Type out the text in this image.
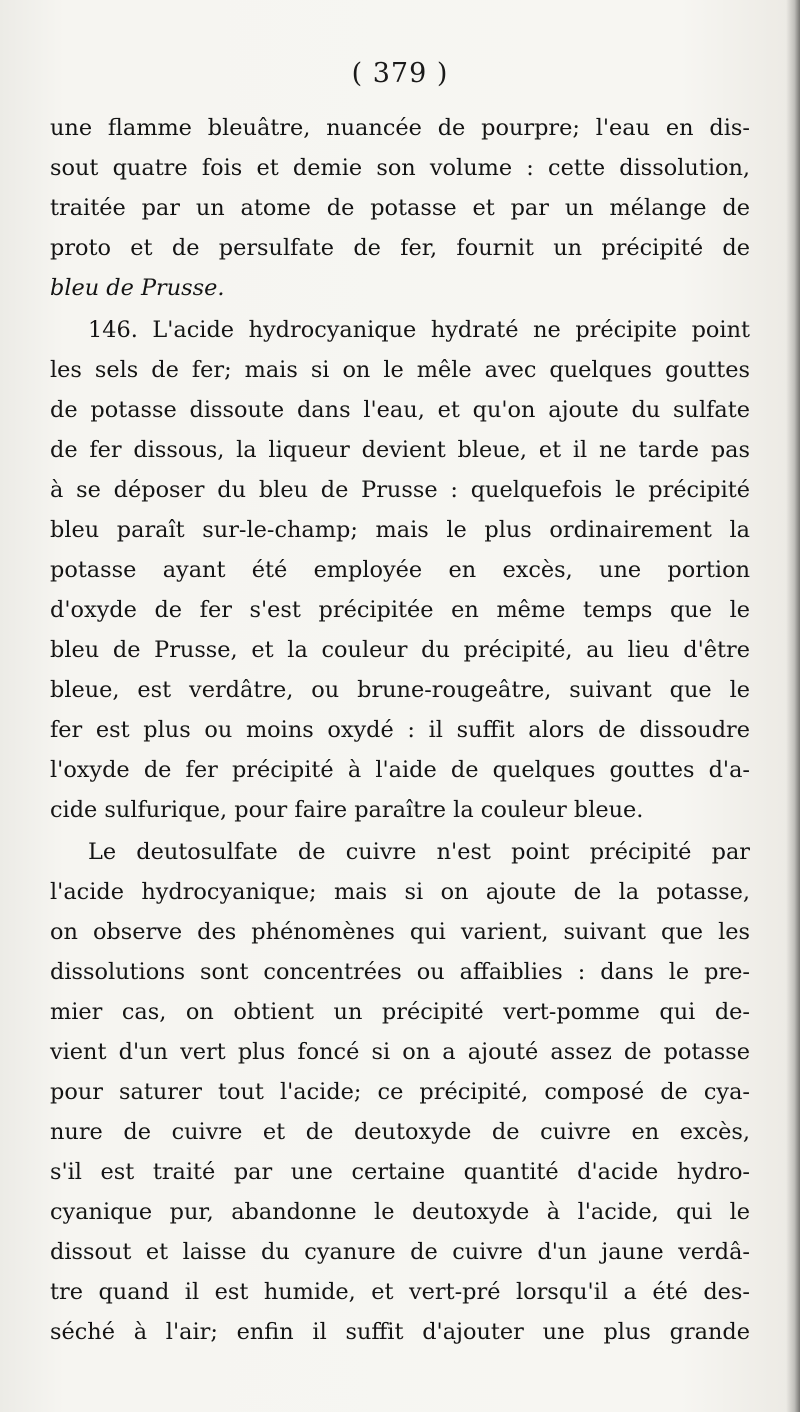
( 379 )
une flamme bleuâtre, nuancée de pourpre; l'eau en dis-
sout quatre fois et demie son volume : cette dissolution,
traitée par un atome de potasse et par un mélange de
proto et de persulfate de fer, fournit un précipité de
bleu de Prusse.
146. L'acide hydrocyanique hydraté ne précipite point
les sels de fer; mais si on le mêle avec quelques gouttes
de potasse dissoute dans l'eau, et qu'on ajoute du sulfate
de fer dissous, la liqueur devient bleue, et il ne tarde pas
à se déposer du bleu de Prusse : quelquefois le précipité
bleu paraît sur-le-champ; mais le plus ordinairement la
potasse ayant été employée en excès, une portion
d'oxyde de fer s'est précipitée en même temps que le
bleu de Prusse, et la couleur du précipité, au lieu d'être
bleue, est verdâtre, ou brune-rougeâtre, suivant que le
fer est plus ou moins oxydé : il suffit alors de dissoudre
l'oxyde de fer précipité à l'aide de quelques gouttes d'a-
cide sulfurique, pour faire paraître la couleur bleue.
Le deutosulfate de cuivre n'est point précipité par
l'acide hydrocyanique; mais si on ajoute de la potasse,
on observe des phénomènes qui varient, suivant que les
dissolutions sont concentrées ou affaiblies : dans le pre-
mier cas, on obtient un précipité vert-pomme qui de-
vient d'un vert plus foncé si on a ajouté assez de potasse
pour saturer tout l'acide; ce précipité, composé de cya-
nure de cuivre et de deutoxyde de cuivre en excès,
s'il est traité par une certaine quantité d'acide hydro-
cyanique pur, abandonne le deutoxyde à l'acide, qui le
dissout et laisse du cyanure de cuivre d'un jaune verdâ-
tre quand il est humide, et vert-pré lorsqu'il a été des-
séché à l'air; enfin il suffit d'ajouter une plus grande
